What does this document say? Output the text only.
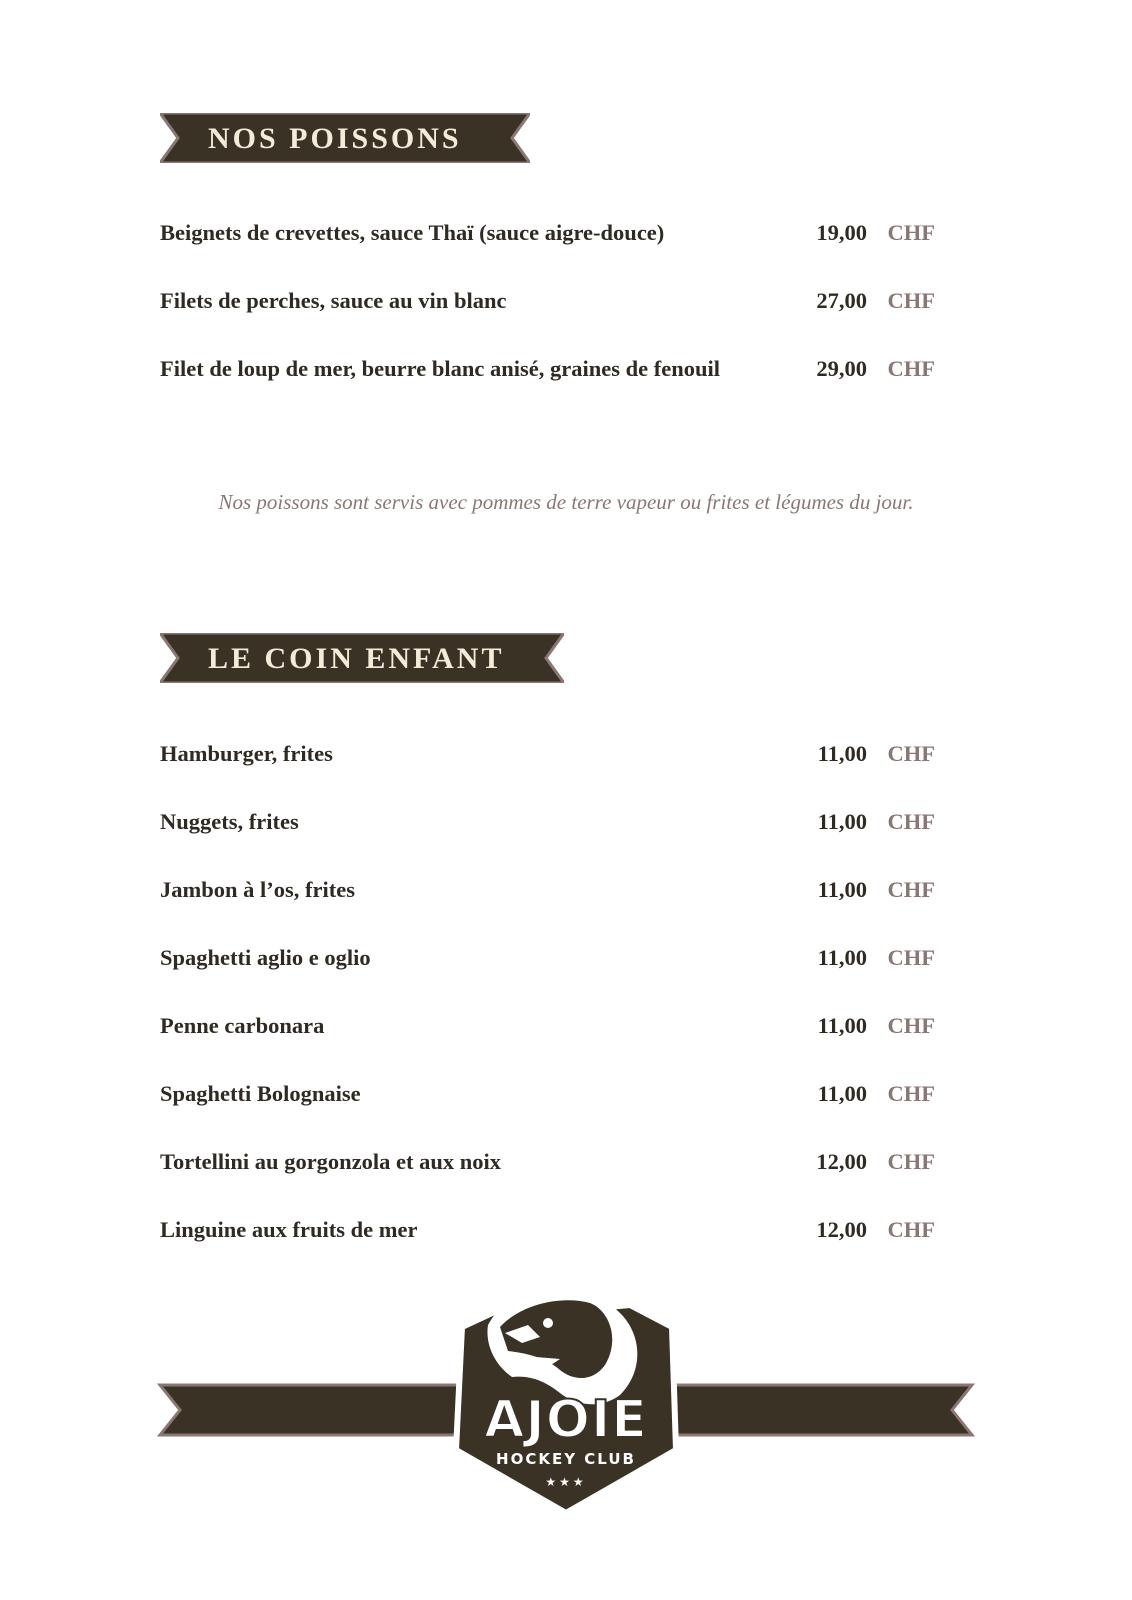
NOS POISSONS
Beignets de crevettes, sauce Thaï (sauce aigre-douce)	19,00 CHF
Filets de perches, sauce au vin blanc	27,00 CHF
Filet de loup de mer, beurre blanc anisé, graines de fenouil	29,00 CHF
Nos poissons sont servis avec pommes de terre vapeur ou frites et légumes du jour.
LE COIN ENFANT
Hamburger, frites	11,00 CHF
Nuggets, frites	11,00 CHF
Jambon à l’os, frites	11,00 CHF
Spaghetti aglio e oglio	11,00 CHF
Penne carbonara	11,00 CHF
Spaghetti Bolognaise	11,00 CHF
Tortellini au gorgonzola et aux noix	12,00 CHF
Linguine aux fruits de mer	12,00 CHF
AJOIE
HOCKEY CLUB
★★★
